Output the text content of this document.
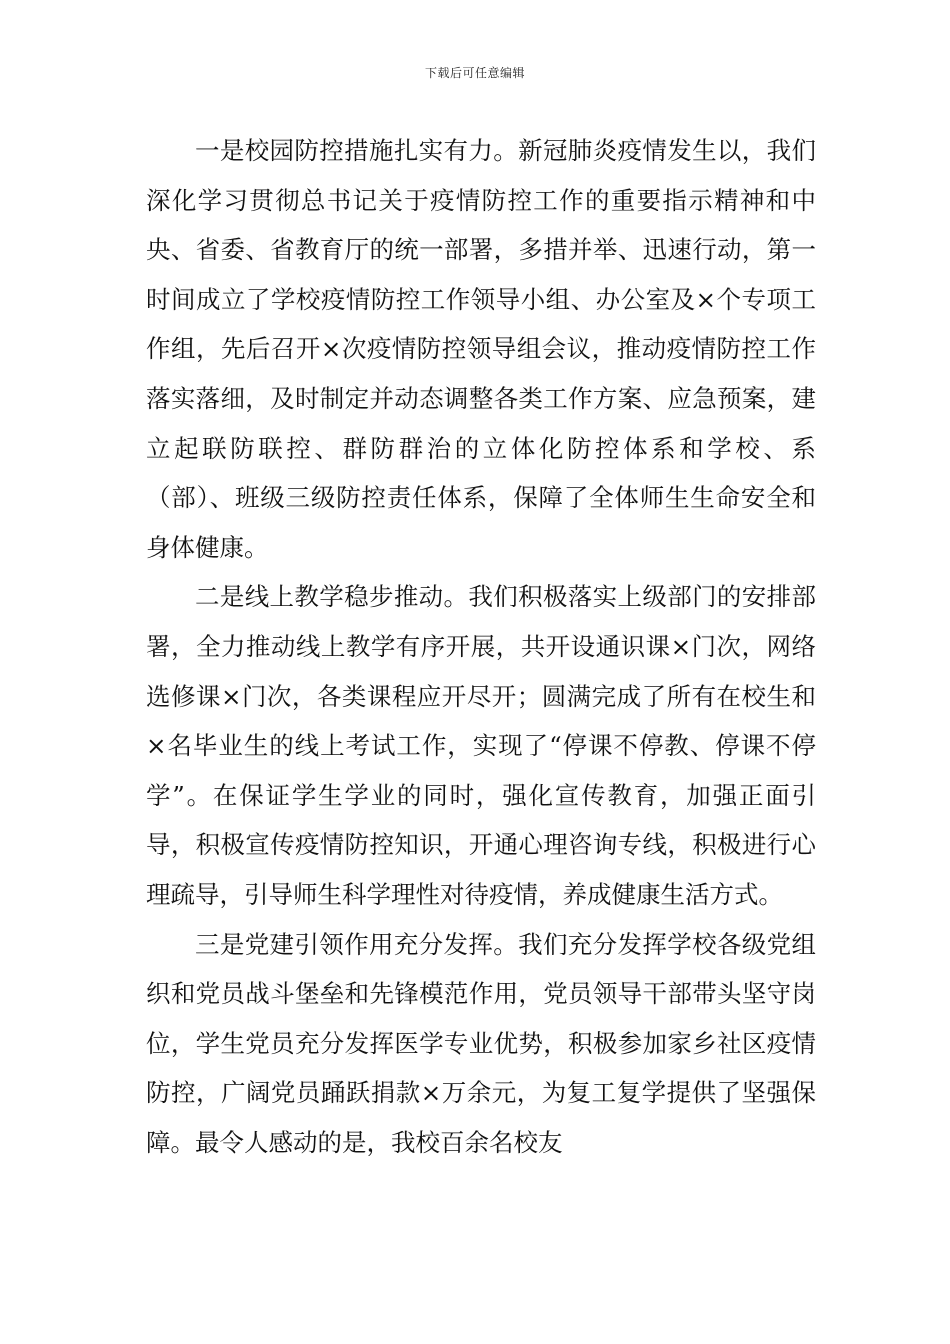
下载后可任意编辑

一是校园防控措施扎实有力。新冠肺炎疫情发生以，我们深化学习贯彻总书记关于疫情防控工作的重要指示精神和中央、省委、省教育厅的统一部署，多措并举、迅速行动，第一时间成立了学校疫情防控工作领导小组、办公室及×个专项工作组，先后召开×次疫情防控领导组会议，推动疫情防控工作落实落细，及时制定并动态调整各类工作方案、应急预案，建立起联防联控、群防群治的立体化防控体系和学校、系（部）、班级三级防控责任体系，保障了全体师生生命安全和身体健康。

二是线上教学稳步推动。我们积极落实上级部门的安排部署，全力推动线上教学有序开展，共开设通识课×门次，网络选修课×门次，各类课程应开尽开；圆满完成了所有在校生和×名毕业生的线上考试工作，实现了“停课不停教、停课不停学”。在保证学生学业的同时，强化宣传教育，加强正面引导，积极宣传疫情防控知识，开通心理咨询专线，积极进行心理疏导，引导师生科学理性对待疫情，养成健康生活方式。

三是党建引领作用充分发挥。我们充分发挥学校各级党组织和党员战斗堡垒和先锋模范作用，党员领导干部带头坚守岗位，学生党员充分发挥医学专业优势，积极参加家乡社区疫情防控，广阔党员踊跃捐款×万余元，为复工复学提供了坚强保障。最令人感动的是，我校百余名校友
